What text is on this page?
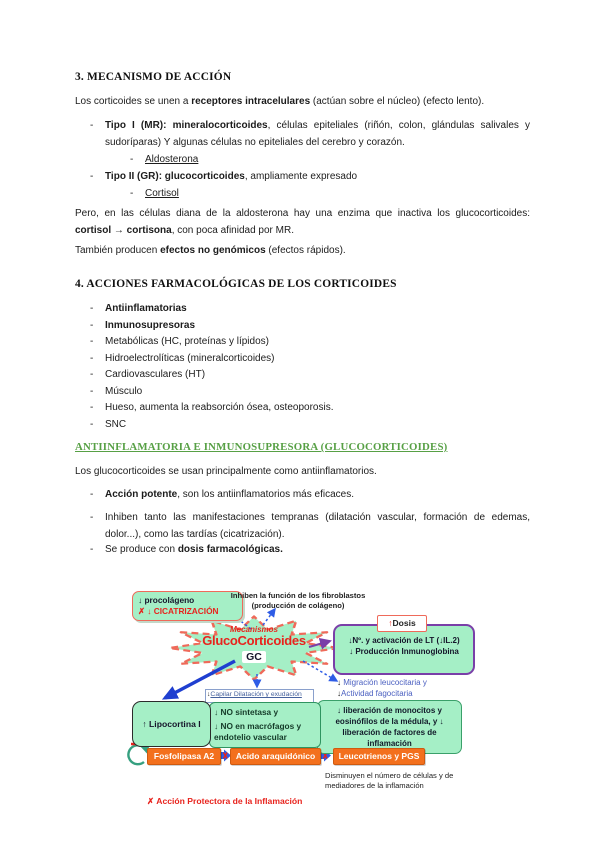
3. MECANISMO DE ACCIÓN
Los corticoides se unen a receptores intracelulares (actúan sobre el núcleo) (efecto lento).
-	Tipo I (MR): mineralocorticoides, células epiteliales (riñón, colon, glándulas salivales y sudoríparas) Y algunas células no epiteliales del cerebro y corazón.
-	Aldosterona
-	Tipo II (GR): glucocorticoides, ampliamente expresado
-	Cortisol
Pero, en las células diana de la aldosterona hay una enzima que inactiva los glucocorticoides: cortisol → cortisona, con poca afinidad por MR.
También producen efectos no genómicos (efectos rápidos).
4. ACCIONES FARMACOLÓGICAS DE LOS CORTICOIDES
-	Antiinflamatorias
-	Inmunosupresoras
-	Metabólicas (HC, proteínas y lípidos)
-	Hidroelectrolíticas (mineralcorticoides)
-	Cardiovasculares (HT)
-	Músculo
-	Hueso, aumenta la reabsorción ósea, osteoporosis.
-	SNC
ANTIINFLAMATORIA E INMUNOSUPRESORA (GLUCOCORTICOIDES)
Los glucocorticoides se usan principalmente como antiinflamatorios.
-	Acción potente, son los antiinflamatorios más eficaces.
-	Inhiben tanto las manifestaciones tempranas (dilatación vascular, formación de edemas, dolor...), como las tardías (cicatrización).
-	Se produce con dosis farmacológicas.
↓ procolágeno
✗ ↓ CICATRIZACIÓN
Inhiben la función de los fibroblastos
(producción de colágeno)
Mecanismos
GlucoCorticoides
GC
↑Dosis
↓Nº. y activación de LT (↓IL.2)
↓ Producción Inmunoglobina
↓ Migración leucocitaria y
↓Actividad fagocitaria
↓ liberación de monocitos y eosinófilos de la médula, y ↓ liberación de factores de inflamación
↓Capilar Dilatación y exudación
↓ NO sintetasa y
↓ NO en macrófagos y endotelio vascular
↑ Lipocortina I
Fosfolipasa A2	Acido araquidónico	Leucotrienos y PGS
Disminuyen el número de células y de mediadores de la inflamación
✗ Acción Protectora de la Inflamación
